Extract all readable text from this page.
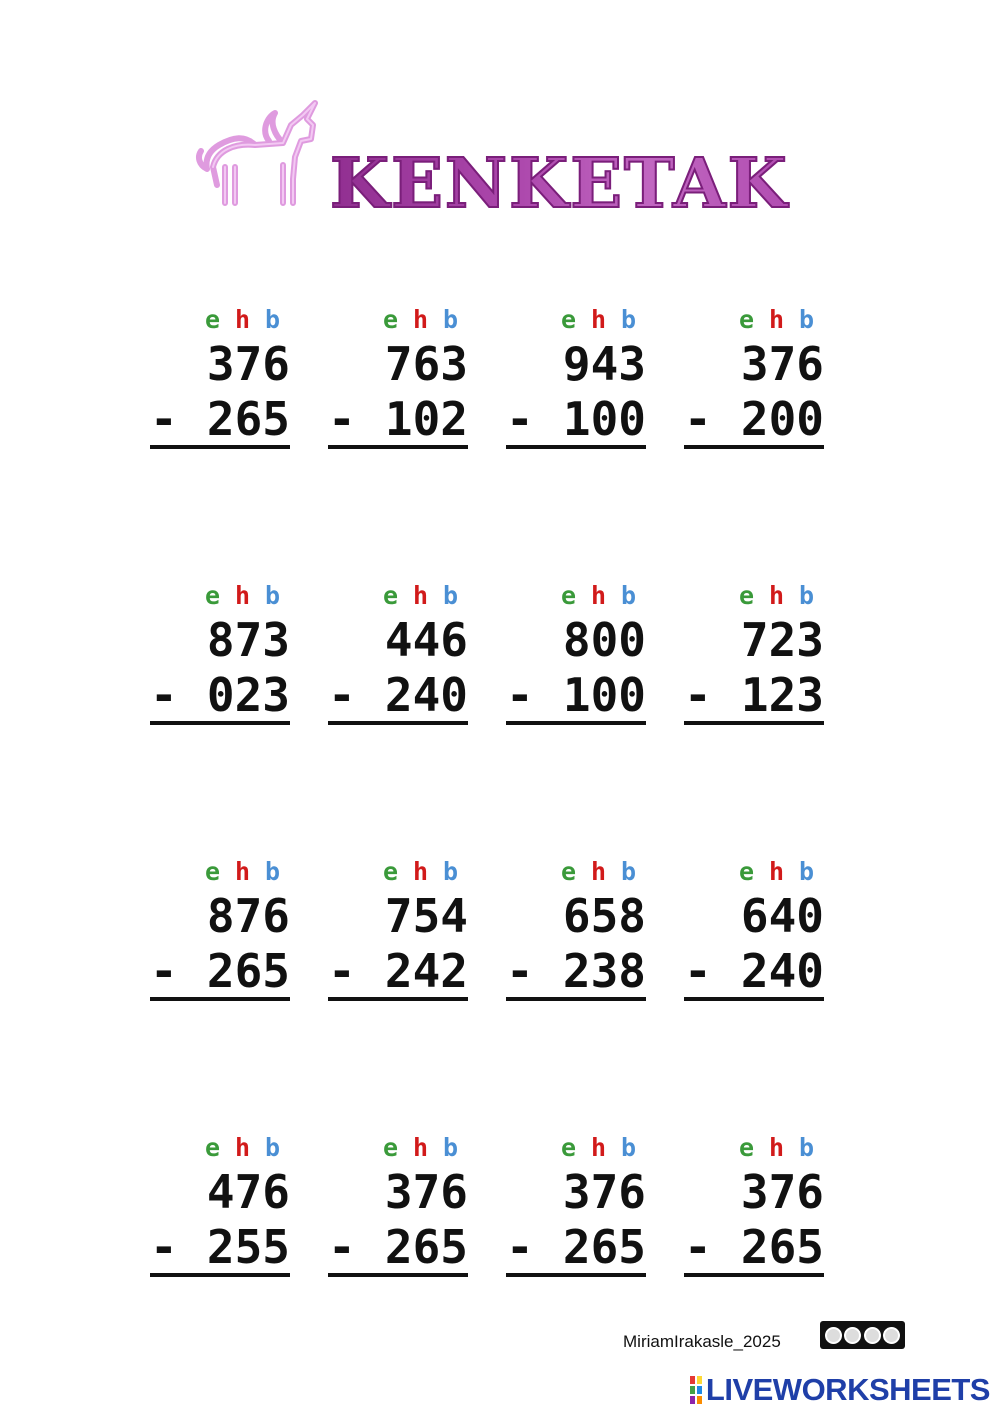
KENKETAK
e h b
376
- 265
e h b
763
- 102
e h b
943
- 100
e h b
376
- 200
e h b
873
- 023
e h b
446
- 240
e h b
800
- 100
e h b
723
- 123
e h b
876
- 265
e h b
754
- 242
e h b
658
- 238
e h b
640
- 240
e h b
476
- 255
e h b
376
- 265
e h b
376
- 265
e h b
376
- 265
MiriamIrakasle_2025
LIVEWORKSHEETS
